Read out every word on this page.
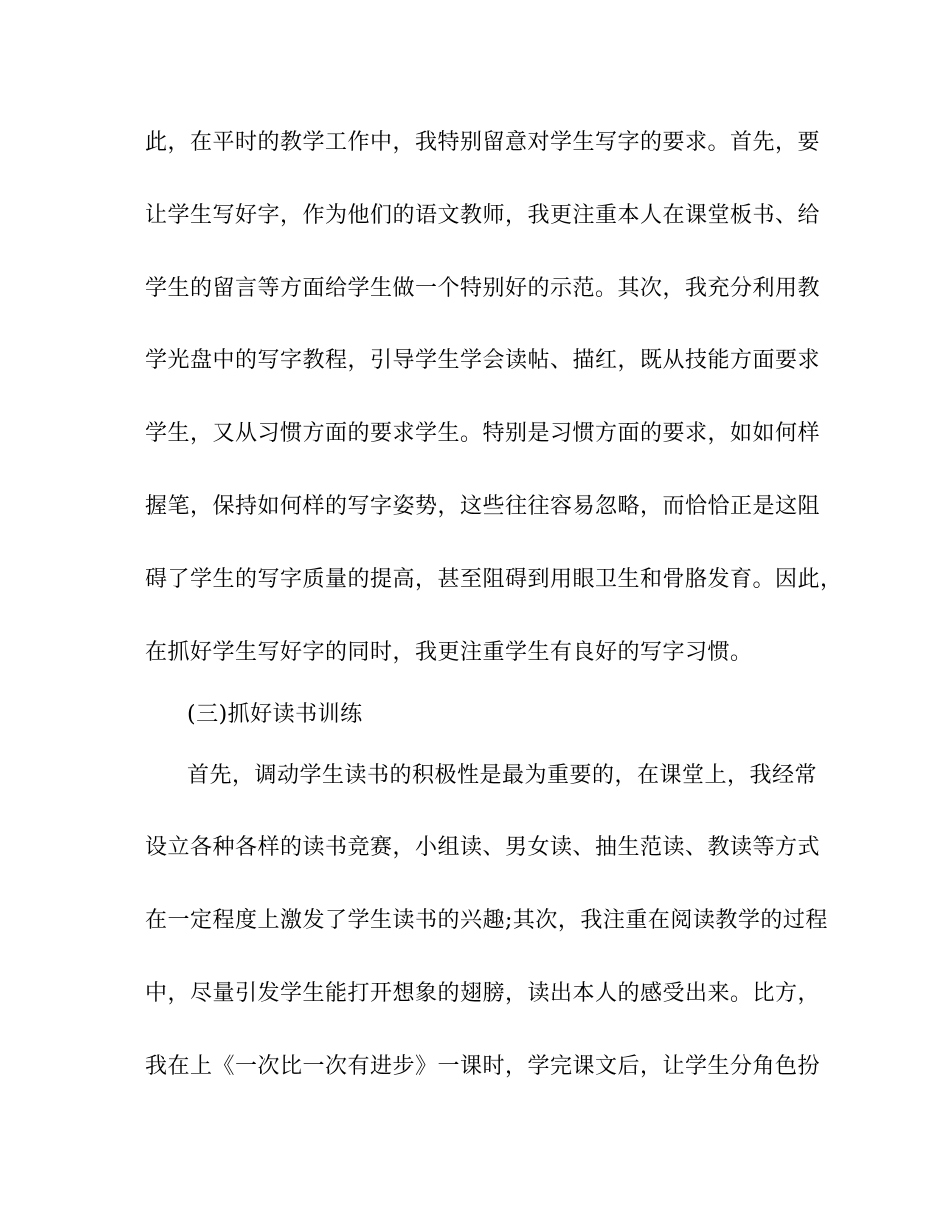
此，在平时的教学工作中，我特别留意对学生写字的要求。首先，要
让学生写好字，作为他们的语文教师，我更注重本人在课堂板书、给
学生的留言等方面给学生做一个特别好的示范。其次，我充分利用教
学光盘中的写字教程，引导学生学会读帖、描红，既从技能方面要求
学生，又从习惯方面的要求学生。特别是习惯方面的要求，如如何样
握笔，保持如何样的写字姿势，这些往往容易忽略，而恰恰正是这阻
碍了学生的写字质量的提高，甚至阻碍到用眼卫生和骨胳发育。因此，
在抓好学生写好字的同时，我更注重学生有良好的写字习惯。
(三)抓好读书训练
首先，调动学生读书的积极性是最为重要的，在课堂上，我经常
设立各种各样的读书竞赛，小组读、男女读、抽生范读、教读等方式
在一定程度上激发了学生读书的兴趣;其次，我注重在阅读教学的过程
中，尽量引发学生能打开想象的翅膀，读出本人的感受出来。比方，
我在上《一次比一次有进步》一课时，学完课文后，让学生分角色扮
